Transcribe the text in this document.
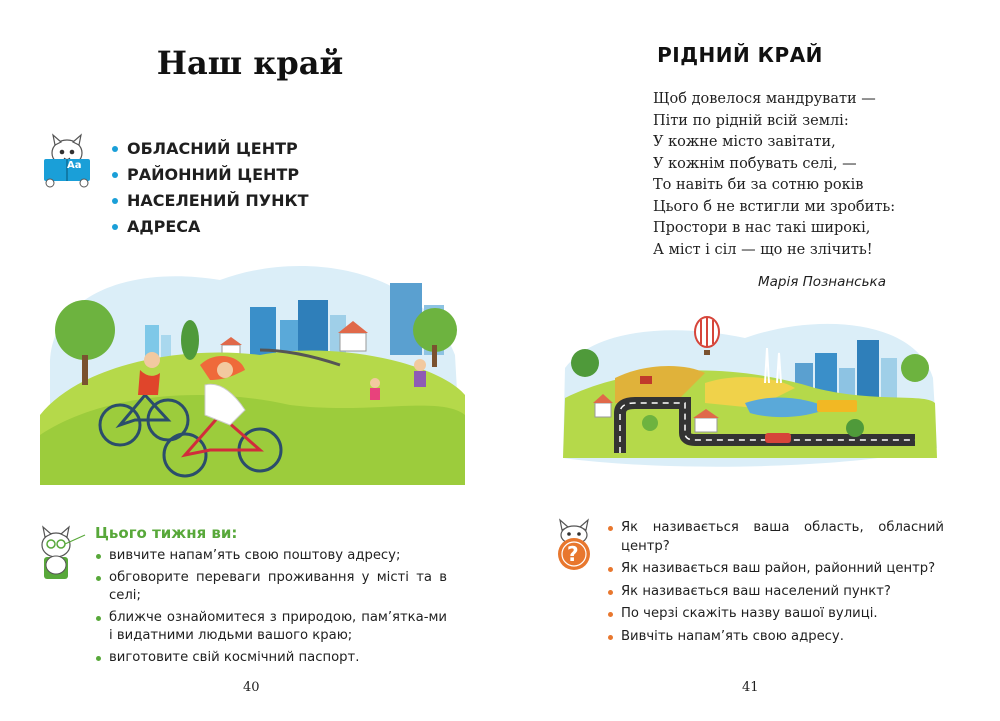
Наш край
Aa
ОБЛАСНИЙ ЦЕНТР
РАЙОННИЙ ЦЕНТР
НАСЕЛЕНИЙ ПУНКТ
АДРЕСА
Цього тижня ви:
вивчите напам’ять свою поштову адресу;
обговорите переваги проживання у місті та в селі;
ближче ознайомитеся з природою, пам’ятка-ми і видатними людьми вашого краю;
виготовите свій космічний паспорт.
40
РІДНИЙ КРАЙ
Щоб довелося мандрувати —
Піти по рідній всій землі:
У кожне місто завітати,
У кожнім побувать селі, —
То навіть би за сотню років
Цього б не встигли ми зробить:
Простори в нас такі широкі,
А міст і сіл — що не злічить!
Марія Познанська
?
Як називається ваша область, обласний центр?
Як називається ваш район, районний центр?
Як називається ваш населений пункт?
По черзі скажіть назву вашої вулиці.
Вивчіть напам’ять свою адресу.
41
